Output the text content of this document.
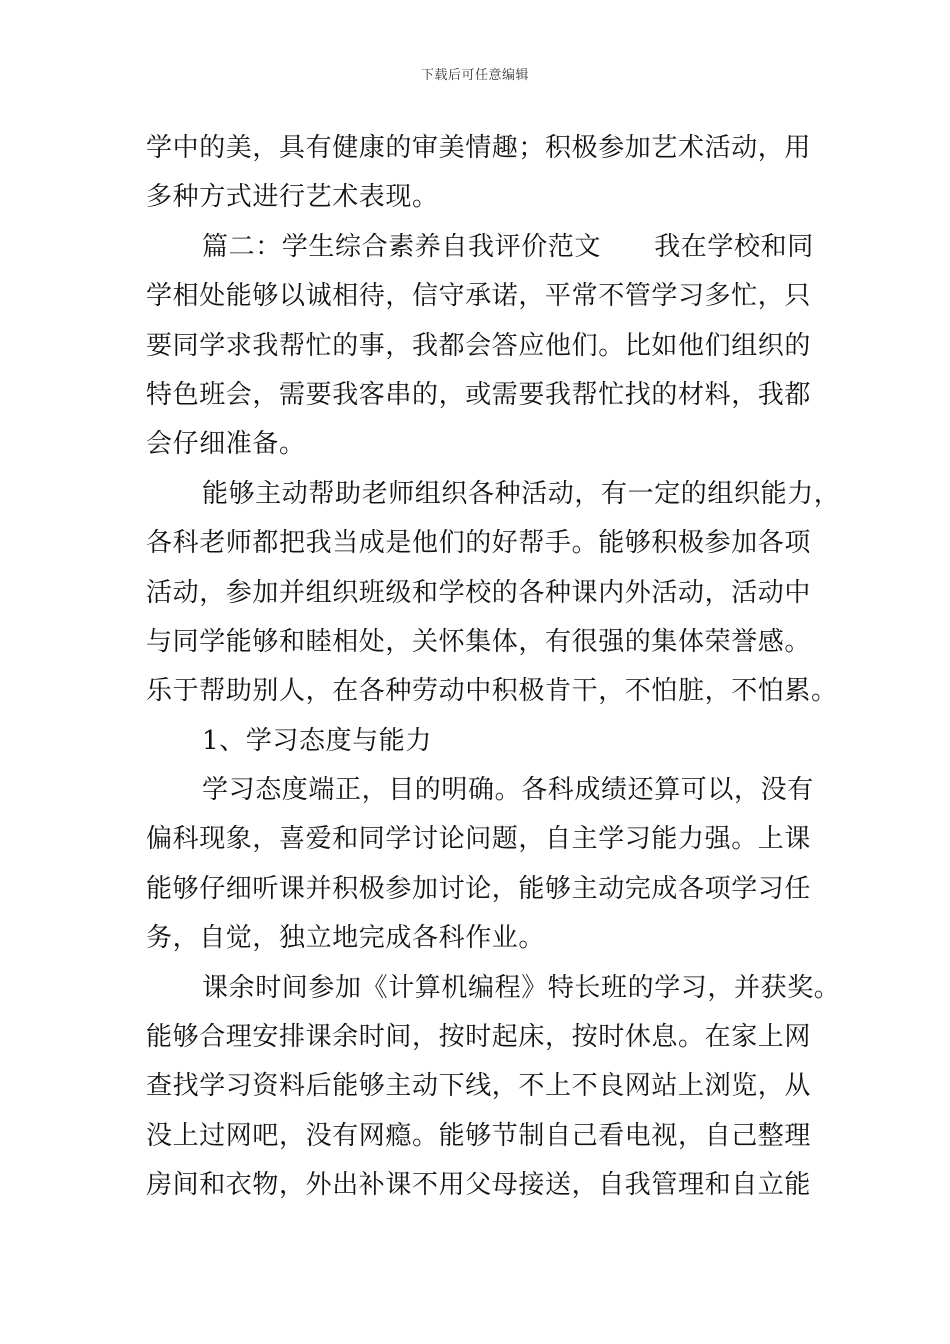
下载后可任意编辑
学中的美，具有健康的审美情趣；积极参加艺术活动，用
多种方式进行艺术表现。
篇二：学生综合素养自我评价范文　　我在学校和同
学相处能够以诚相待，信守承诺，平常不管学习多忙，只
要同学求我帮忙的事，我都会答应他们。比如他们组织的
特色班会，需要我客串的，或需要我帮忙找的材料，我都
会仔细准备。
能够主动帮助老师组织各种活动，有一定的组织能力，
各科老师都把我当成是他们的好帮手。能够积极参加各项
活动，参加并组织班级和学校的各种课内外活动，活动中
与同学能够和睦相处，关怀集体，有很强的集体荣誉感。
乐于帮助别人，在各种劳动中积极肯干，不怕脏，不怕累。
1、学习态度与能力
学习态度端正，目的明确。各科成绩还算可以，没有
偏科现象，喜爱和同学讨论问题，自主学习能力强。上课
能够仔细听课并积极参加讨论，能够主动完成各项学习任
务，自觉，独立地完成各科作业。
课余时间参加《计算机编程》特长班的学习，并获奖。
能够合理安排课余时间，按时起床，按时休息。在家上网
查找学习资料后能够主动下线，不上不良网站上浏览，从
没上过网吧，没有网瘾。能够节制自己看电视，自己整理
房间和衣物，外出补课不用父母接送，自我管理和自立能
